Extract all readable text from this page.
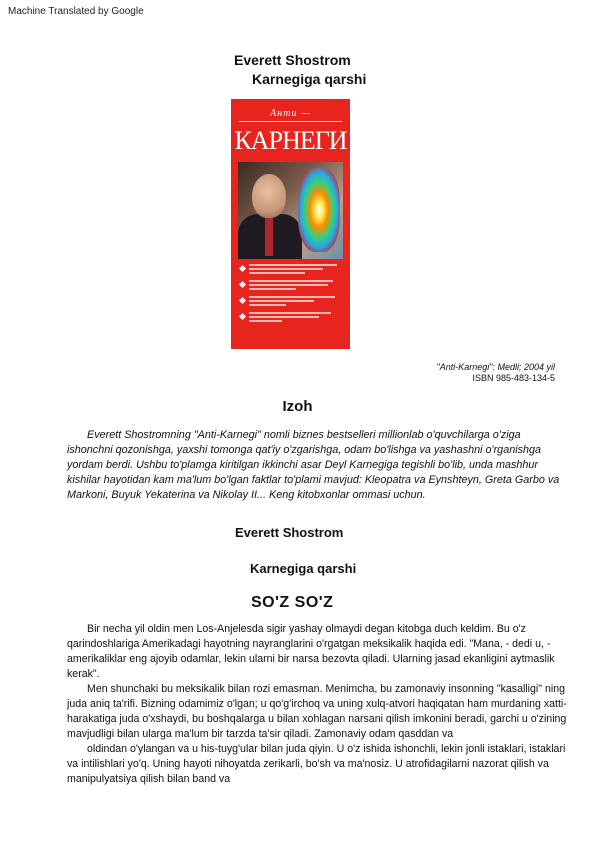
Machine Translated by Google
Everett Shostrom
Karnegiga qarshi
Анти —
КАРНЕГИ
"Anti-Karnegi": Medli; 2004 yil
ISBN 985-483-134-5
Izoh
Everett Shostromning "Anti-Karnegi" nomli biznes bestselleri millionlab o'quvchilarga o'ziga ishonchni qozonishga, yaxshi tomonga qat'iy o'zgarishga, odam bo'lishga va yashashni o'rganishga yordam berdi. Ushbu to'plamga kiritilgan ikkinchi asar Deyl Karnegiga tegishli bo'lib, unda mashhur kishilar hayotidan kam ma'lum bo'lgan faktlar to'plami mavjud: Kleopatra va Eynshteyn, Greta Garbo va Markoni, Buyuk Yekaterina va Nikolay II... Keng kitobxonlar ommasi uchun.
Everett Shostrom
Karnegiga qarshi
SO'Z SO'Z

Bir necha yil oldin men Los-Anjelesda sigir yashay olmaydi degan kitobga duch keldim. Bu o'z qarindoshlariga Amerikadagi hayotning nayranglarini o'rgatgan meksikalik haqida edi. "Mana, - dedi u, - amerikaliklar eng ajoyib odamlar, lekin ularni bir narsa bezovta qiladi. Ularning jasad ekanligini aytmaslik kerak".

Men shunchaki bu meksikalik bilan rozi emasman. Menimcha, bu zamonaviy insonning "kasalligi" ning juda aniq ta'rifi. Bizning odamimiz o'lgan; u qo'g'irchoq va uning xulq-atvori haqiqatan ham murdaning xatti-harakatiga juda o'xshaydi, bu boshqalarga u bilan xohlagan narsani qilish imkonini beradi, garchi u o'zining mavjudligi bilan ularga ma'lum bir tarzda ta'sir qiladi. Zamonaviy odam qasddan va

oldindan o'ylangan va u his-tuyg'ular bilan juda qiyin. U o'z ishida ishonchli, lekin jonli istaklari, istaklari va intilishlari yo'q. Uning hayoti nihoyatda zerikarli, bo'sh va ma'nosiz. U atrofidagilarni nazorat qilish va manipulyatsiya qilish bilan band va
